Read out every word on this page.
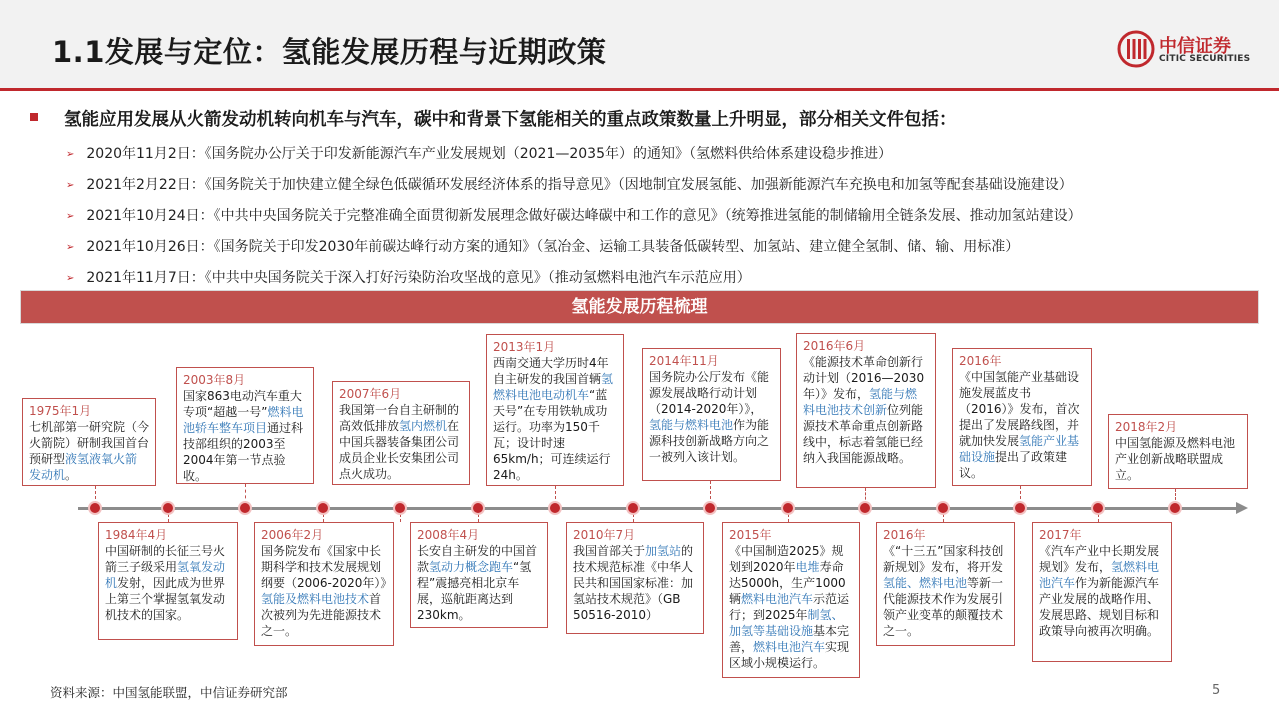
1.1发展与定位：氢能发展历程与近期政策	中信证券
CITIC SECURITIES
氢能应用发展从火箭发动机转向机车与汽车，碳中和背景下氢能相关的重点政策数量上升明显，部分相关文件包括：
➢ 2020年11月2日：《国务院办公厅关于印发新能源汽车产业发展规划（2021—2035年）的通知》（氢燃料供给体系建设稳步推进）
➢ 2021年2月22日：《国务院关于加快建立健全绿色低碳循环发展经济体系的指导意见》（因地制宜发展氢能、加强新能源汽车充换电和加氢等配套基础设施建设）
➢ 2021年10月24日：《中共中央国务院关于完整准确全面贯彻新发展理念做好碳达峰碳中和工作的意见》（统筹推进氢能的制储输用全链条发展、推动加氢站建设）
➢ 2021年10月26日：《国务院关于印发2030年前碳达峰行动方案的通知》（氢冶金、运输工具装备低碳转型、加氢站、建立健全氢制、储、输、用标准）
➢ 2021年11月7日：《中共中央国务院关于深入打好污染防治攻坚战的意见》（推动氢燃料电池汽车示范应用）
氢能发展历程梳理
1975年1月
七机部第一研究院（今火箭院）研制我国首台预研型液氢液氧火箭发动机。
2003年8月
国家863电动汽车重大专项“超越一号”燃料电池轿车整车项目通过科技部组织的2003至2004年第一节点验收。
2007年6月
我国第一台自主研制的高效低排放氢内燃机在中国兵器装备集团公司成员企业长安集团公司点火成功。
2013年1月
西南交通大学历时4年自主研发的我国首辆氢燃料电池电动机车“蓝天号”在专用铁轨成功运行。功率为150千瓦；设计时速65km/h；可连续运行24h。
2014年11月
国务院办公厅发布《能源发展战略行动计划（2014-2020年）》，氢能与燃料电池作为能源科技创新战略方向之一被列入该计划。
2016年6月
《能源技术革命创新行动计划（2016—2030年）》发布，氢能与燃料电池技术创新位列能源技术革命重点创新路线中，标志着氢能已经纳入我国能源战略。
2016年
《中国氢能产业基础设施发展蓝皮书（2016）》发布，首次提出了发展路线图，并就加快发展氢能产业基础设施提出了政策建议。
2018年2月
中国氢能源及燃料电池产业创新战略联盟成立。
1984年4月
中国研制的长征三号火箭三子级采用氢氧发动机发射，因此成为世界上第三个掌握氢氧发动机技术的国家。
2006年2月
国务院发布《国家中长期科学和技术发展规划纲要（2006-2020年）》氢能及燃料电池技术首次被列为先进能源技术之一。
2008年4月
长安自主研发的中国首款氢动力概念跑车“氢程”震撼亮相北京车展，巡航距离达到230km。
2010年7月
我国首部关于加氢站的技术规范标准《中华人民共和国国家标准：加氢站技术规范》（GB 50516-2010）
2015年
《中国制造2025》规划到2020年电堆寿命达5000h，生产1000辆燃料电池汽车示范运行；到2025年制氢、加氢等基础设施基本完善，燃料电池汽车实现区域小规模运行。
2016年
《“十三五”国家科技创新规划》发布，将开发氢能、燃料电池等新一代能源技术作为发展引领产业变革的颠覆技术之一。
2017年
《汽车产业中长期发展规划》发布，氢燃料电池汽车作为新能源汽车产业发展的战略作用、发展思路、规划目标和政策导向被再次明确。
资料来源：中国氢能联盟，中信证券研究部	5
